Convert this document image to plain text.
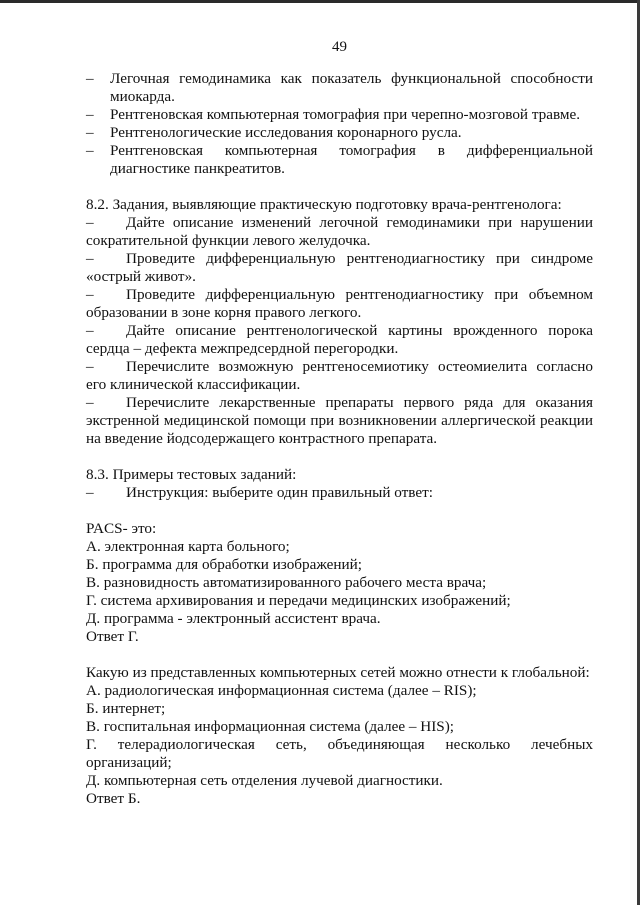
49
–	Легочная гемодинамика как показатель функциональной способности миокарда.
–	Рентгеновская компьютерная томография при черепно-мозговой травме.
–	Рентгенологические исследования коронарного русла.
–	Рентгеновская компьютерная томография в дифференциальной диагностике панкреатитов.

8.2. Задания, выявляющие практическую подготовку врача-рентгенолога:

– Дайте описание изменений легочной гемодинамики при нарушении сократительной функции левого желудочка.

– Проведите дифференциальную рентгенодиагностику при синдроме «острый живот».

– Проведите дифференциальную рентгенодиагностику при объемном образовании в зоне корня правого легкого.

– Дайте описание рентгенологической картины врожденного порока сердца – дефекта межпредсердной перегородки.

– Перечислите возможную рентгеносемиотику остеомиелита согласно его клинической классификации.

– Перечислите лекарственные препараты первого ряда для оказания экстренной медицинской помощи при возникновении аллергической реакции на введение йодсодержащего контрастного препарата.

8.3. Примеры тестовых заданий:

– Инструкция: выберите один правильный ответ:

PACS- это:

А. электронная карта больного;

Б. программа для обработки изображений;

В. разновидность автоматизированного рабочего места врача;

Г. система архивирования и передачи медицинских изображений;

Д. программа - электронный ассистент врача.

Ответ Г.

Какую из представленных компьютерных сетей можно отнести к глобальной:

А. радиологическая информационная система (далее – RIS);

Б. интернет;

В. госпитальная информационная система (далее – HIS);

Г. телерадиологическая сеть, объединяющая несколько лечебных

организаций;

Д. компьютерная сеть отделения лучевой диагностики.

Ответ Б.
